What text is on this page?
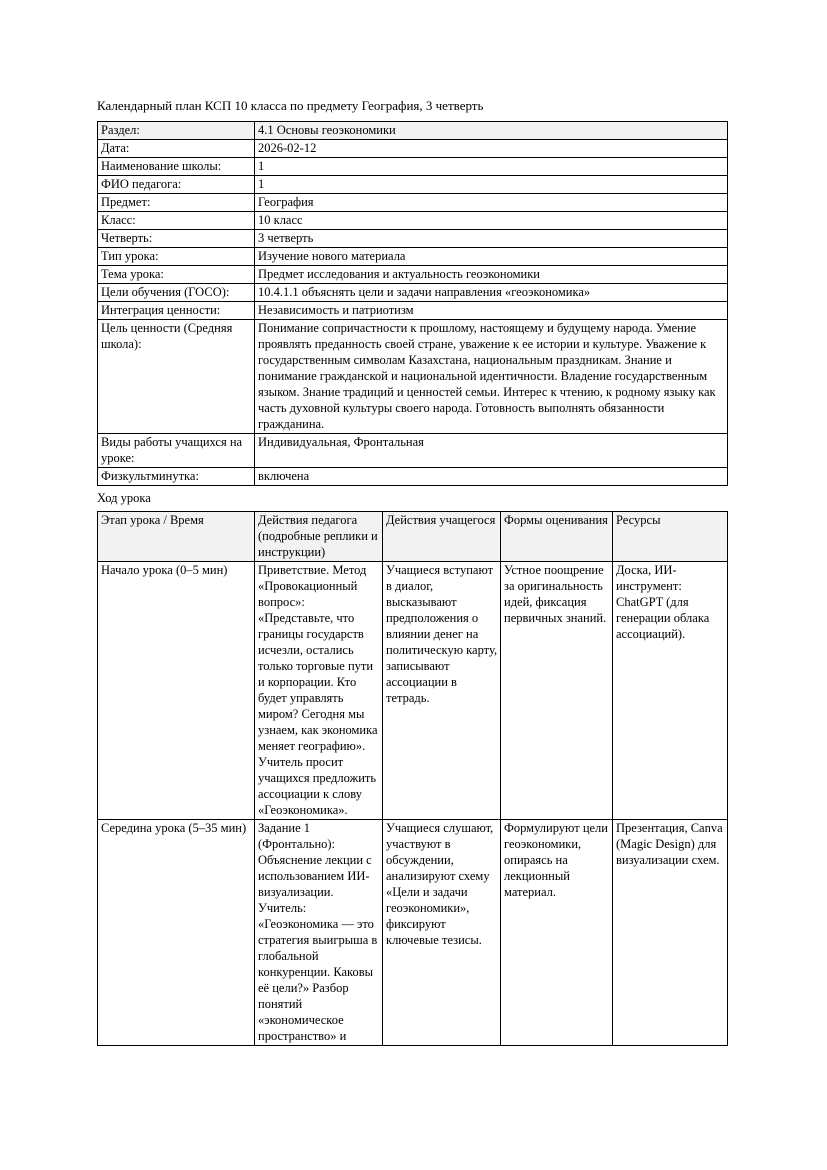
Календарный план КСП 10 класса по предмету География, 3 четверть

Раздел:	4.1 Основы геоэкономики
Дата:	2026-02-12
Наименование школы:	1
ФИО педагога:	1
Предмет:	География
Класс:	10 класс
Четверть:	3 четверть
Тип урока:	Изучение нового материала
Тема урока:	Предмет исследования и актуальность геоэкономики
Цели обучения (ГОСО):	10.4.1.1 объяснять цели и задачи направления «геоэкономика»
Интеграция ценности:	Независимость и патриотизм
Цель ценности (Средняя школа):	Понимание сопричастности к прошлому, настоящему и будущему народа. Умение проявлять преданность своей стране, уважение к ее истории и культуре. Уважение к государственным символам Казахстана, национальным праздникам. Знание и понимание гражданской и национальной идентичности. Владение государственным языком. Знание традиций и ценностей семьи. Интерес к чтению, к родному языку как часть духовной культуры своего народа. Готовность выполнять обязанности гражданина.
Виды работы учащихся на уроке:	Индивидуальная, Фронтальная
Физкультминутка:	включена

Ход урока

Этап урока / Время	Действия педагога (подробные реплики и инструкции)	Действия учащегося	Формы оценивания	Ресурсы
Начало урока (0–5 мин)	Приветствие. Метод «Провокационный вопрос»: «Представьте, что границы государств исчезли, остались только торговые пути и корпорации. Кто будет управлять миром? Сегодня мы узнаем, как экономика меняет географию». Учитель просит учащихся предложить ассоциации к слову «Геоэкономика».	Учащиеся вступают в диалог, высказывают предположения о влиянии денег на политическую карту, записывают ассоциации в тетрадь.	Устное поощрение за оригинальность идей, фиксация первичных знаний.	Доска, ИИ-инструмент: ChatGPT (для генерации облака ассоциаций).
Середина урока (5–35 мин)	Задание 1 (Фронтально): Объяснение лекции с использованием ИИ-визуализации. Учитель: «Геоэкономика — это стратегия выигрыша в глобальной конкуренции. Каковы её цели?» Разбор понятий «экономическое пространство» и	Учащиеся слушают, участвуют в обсуждении, анализируют схему «Цели и задачи геоэкономики», фиксируют ключевые тезисы.	Формулируют цели геоэкономики, опираясь на лекционный материал.	Презентация, Canva (Magic Design) для визуализации схем.
